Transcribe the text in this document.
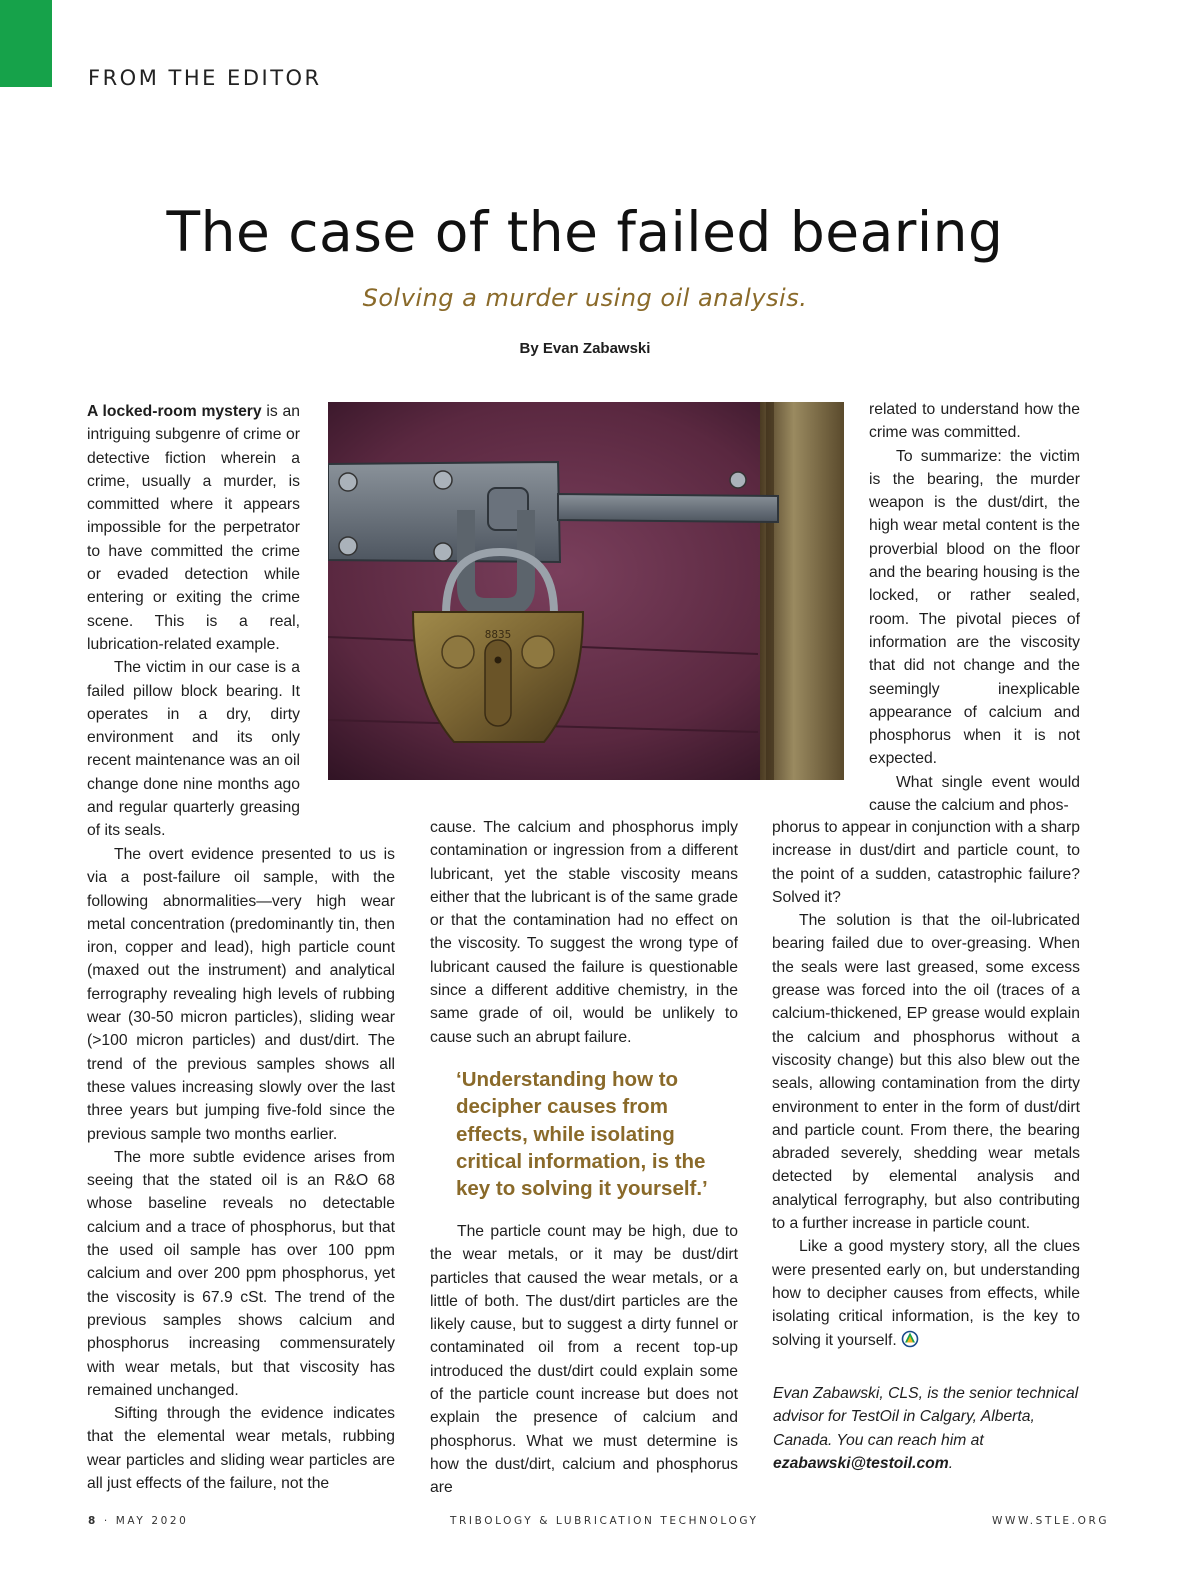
FROM THE EDITOR
The case of the failed bearing

Solving a murder using oil analysis.

By Evan Zabawski

A locked-room mystery is an intriguing subgenre of crime or detective fiction wherein a crime, usually a murder, is committed where it appears impossible for the perpetrator to have committed the crime or evaded detection while entering or exiting the crime scene. This is a real, lubrication-related example.

The victim in our case is a failed pillow block bearing. It operates in a dry, dirty environment and its only recent maintenance was an oil change done nine months ago and regular quarterly greasing of its seals.

The overt evidence presented to us is via a post-failure oil sample, with the following abnormalities—very high wear metal concentration (predominantly tin, then iron, copper and lead), high particle count (maxed out the instrument) and analytical ferrography revealing high levels of rubbing wear (30-50 micron particles), sliding wear (>100 micron particles) and dust/dirt. The trend of the previous samples shows all these values increasing slowly over the last three years but jumping five-fold since the previous sample two months earlier.

The more subtle evidence arises from seeing that the stated oil is an R&O 68 whose baseline reveals no detectable calcium and a trace of phosphorus, but that the used oil sample has over 100 ppm calcium and over 200 ppm phosphorus, yet the viscosity is 67.9 cSt. The trend of the previous samples shows calcium and phosphorus increasing commensurately with wear metals, but that viscosity has remained unchanged.

Sifting through the evidence indicates that the elemental wear metals, rubbing wear particles and sliding wear particles are all just effects of the failure, not the

8835

cause. The calcium and phosphorus imply contamination or ingression from a different lubricant, yet the stable viscosity means either that the lubricant is of the same grade or that the contamination had no effect on the viscosity. To suggest the wrong type of lubricant caused the failure is questionable since a different additive chemistry, in the same grade of oil, would be unlikely to cause such an abrupt failure.

‘Understanding how to decipher causes from effects, while isolating critical information, is the key to solving it yourself.’

The particle count may be high, due to the wear metals, or it may be dust/dirt particles that caused the wear metals, or a little of both. The dust/dirt particles are the likely cause, but to suggest a dirty funnel or contaminated oil from a recent top-up introduced the dust/dirt could explain some of the particle count increase but does not explain the presence of calcium and phosphorus. What we must determine is how the dust/dirt, calcium and phosphorus are

related to understand how the crime was committed.

To summarize: the victim is the bearing, the murder weapon is the dust/dirt, the high wear metal content is the proverbial blood on the floor and the bearing housing is the locked, or rather sealed, room. The pivotal pieces of information are the viscosity that did not change and the seemingly inexplicable appearance of calcium and phosphorus when it is not expected.

What single event would cause the calcium and phos-

phorus to appear in conjunction with a sharp increase in dust/dirt and particle count, to the point of a sudden, catastrophic failure? Solved it?

The solution is that the oil-lubricated bearing failed due to over-greasing. When the seals were last greased, some excess grease was forced into the oil (traces of a calcium-thickened, EP grease would explain the calcium and phosphorus without a viscosity change) but this also blew out the seals, allowing contamination from the dirty environment to enter in the form of dust/dirt and particle count. From there, the bearing abraded severely, shedding wear metals detected by elemental analysis and analytical ferrography, but also contributing to a further increase in particle count.

Like a good mystery story, all the clues were presented early on, but understanding how to decipher causes from effects, while isolating critical information, is the key to solving it yourself.

Evan Zabawski, CLS, is the senior technical advisor for TestOil in Calgary, Alberta, Canada. You can reach him at ezabawski@testoil.com.

8 · MAY 2020	TRIBOLOGY & LUBRICATION TECHNOLOGY	WWW.STLE.ORG
